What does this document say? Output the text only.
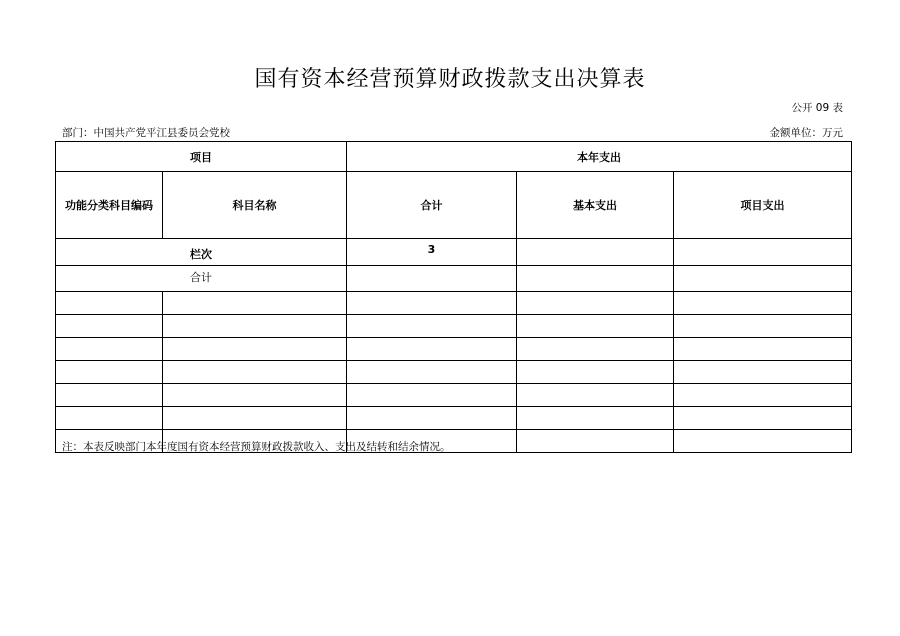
国有资本经营预算财政拨款支出决算表
公开 09 表
部门：中国共产党平江县委员会党校	金额单位：万元
项目		本年支出		
功能分类科目编码	科目名称	合计	基本支出	项目支出
栏次		3		
合计				

注：本表反映部门本年度国有资本经营预算财政拨款收入、支出及结转和结余情况。
